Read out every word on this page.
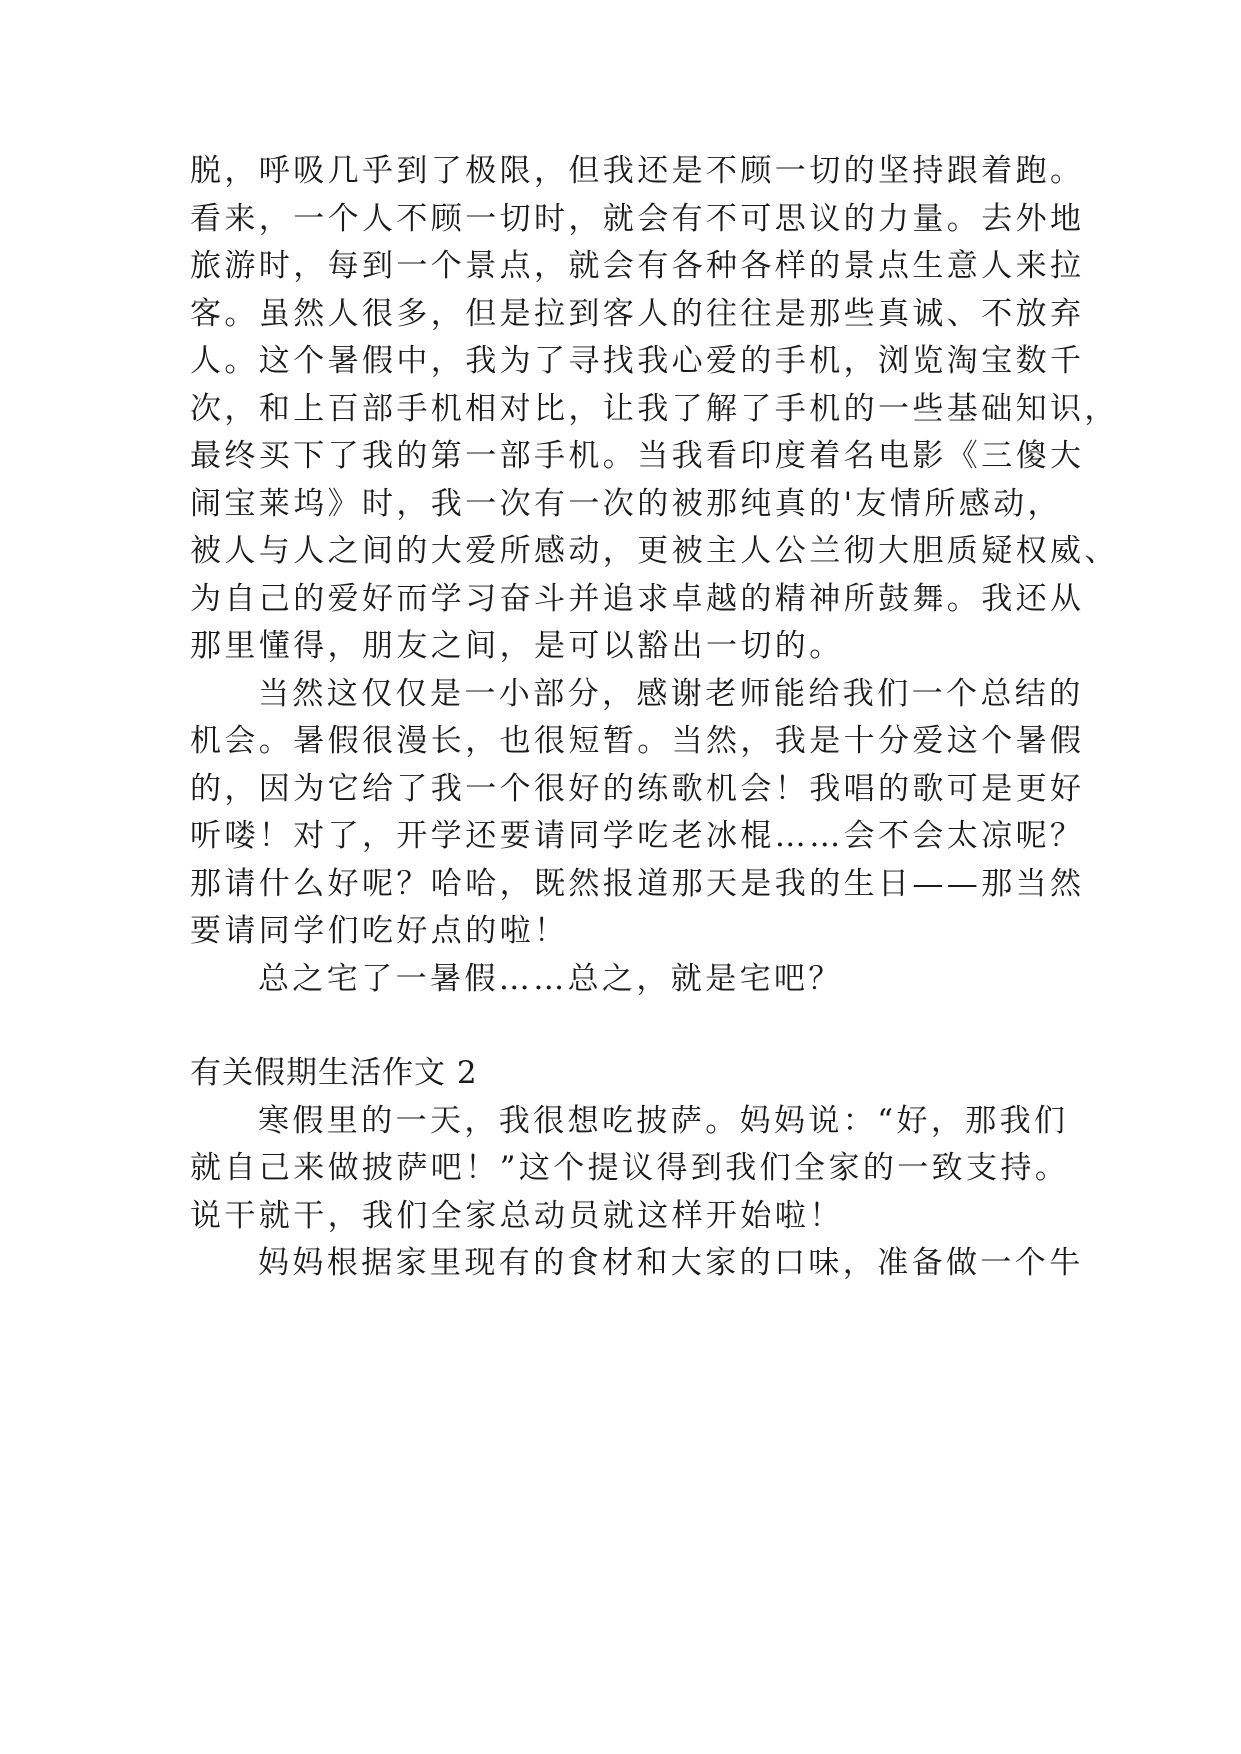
脱，呼吸几乎到了极限，但我还是不顾一切的坚持跟着跑。
看来，一个人不顾一切时，就会有不可思议的力量。去外地
旅游时，每到一个景点，就会有各种各样的景点生意人来拉
客。虽然人很多，但是拉到客人的往往是那些真诚、不放弃
人。这个暑假中，我为了寻找我心爱的手机，浏览淘宝数千
次，和上百部手机相对比，让我了解了手机的一些基础知识，
最终买下了我的第一部手机。当我看印度着名电影《三傻大
闹宝莱坞》时，我一次有一次的被那纯真的'友情所感动，
被人与人之间的大爱所感动，更被主人公兰彻大胆质疑权威、
为自己的爱好而学习奋斗并追求卓越的精神所鼓舞。我还从
那里懂得，朋友之间，是可以豁出一切的。
当然这仅仅是一小部分，感谢老师能给我们一个总结的
机会。暑假很漫长，也很短暂。当然，我是十分爱这个暑假
的，因为它给了我一个很好的练歌机会！我唱的歌可是更好
听喽！对了，开学还要请同学吃老冰棍……会不会太凉呢？
那请什么好呢？哈哈，既然报道那天是我的生日——那当然
要请同学们吃好点的啦！
总之宅了一暑假……总之，就是宅吧？
有关假期生活作文 2
寒假里的一天，我很想吃披萨。妈妈说：“好，那我们
就自己来做披萨吧！”这个提议得到我们全家的一致支持。
说干就干，我们全家总动员就这样开始啦！
妈妈根据家里现有的食材和大家的口味，准备做一个牛
